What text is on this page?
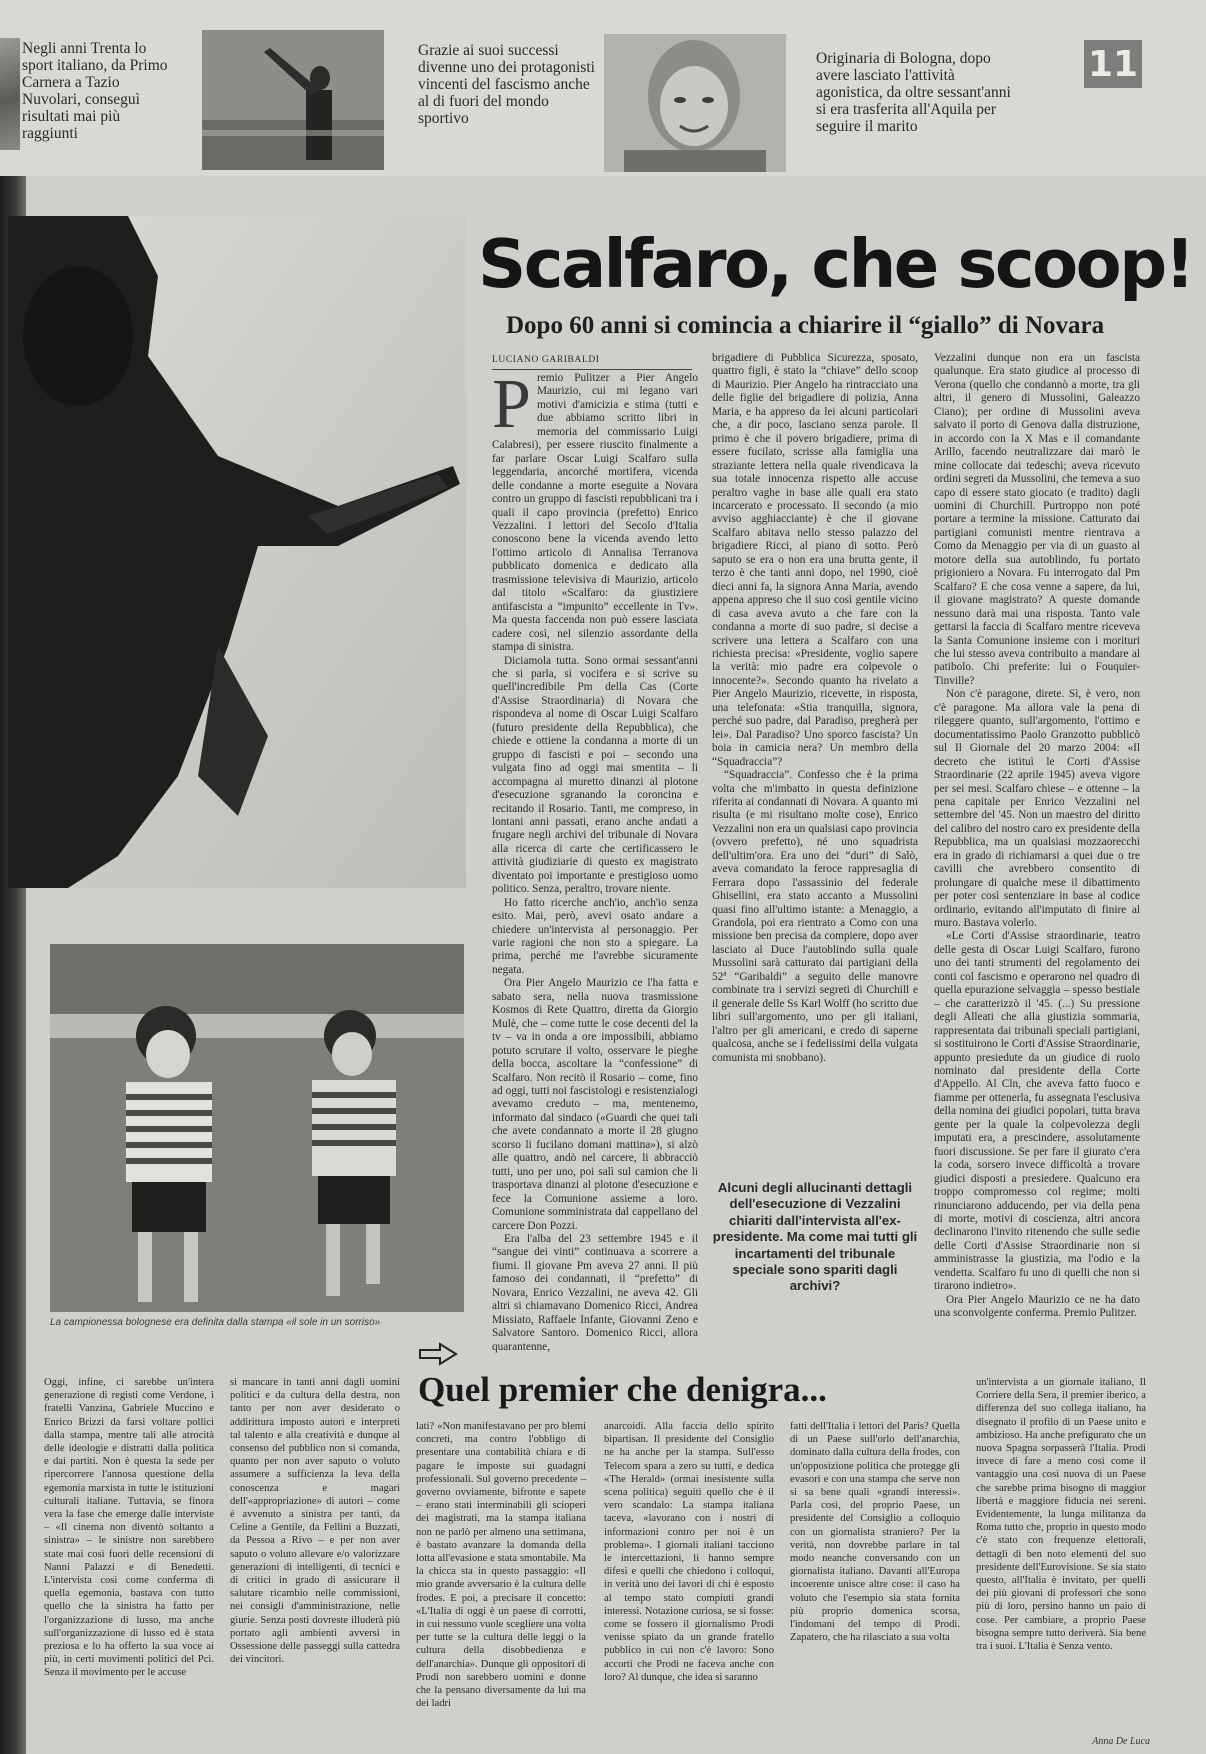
Negli anni Trenta lo sport italiano, da Primo Carnera a Tazio Nuvolari, conseguì risultati mai più raggiunti
Grazie ai suoi successi divenne uno dei protagonisti vincenti del fascismo anche al di fuori del mondo sportivo
Originaria di Bologna, dopo avere lasciato l'attività agonistica, da oltre sessant'anni si era trasferita all'Aquila per seguire il marito
11
La campionessa bolognese era definita dalla stampa «il sole in un sorriso»
Scalfaro, che scoop!
Dopo 60 anni si comincia a chiarire il “giallo” di Novara
LUCIANO GARIBALDI

Premio Pulitzer a Pier Angelo Maurizio, cui mi legano vari motivi d'amicizia e stima (tutti e due abbiamo scritto libri in memoria del commissario Luigi Calabresi), per essere riuscito finalmente a far parlare Oscar Luigi Scalfaro sulla leggendaria, ancorché mortifera, vicenda delle condanne a morte eseguite a Novara contro un gruppo di fascisti repubblicani tra i quali il capo provincia (prefetto) Enrico Vezzalini. I lettori del Secolo d'Italia conoscono bene la vicenda avendo letto l'ottimo articolo di Annalisa Terranova pubblicato domenica e dedicato alla trasmissione televisiva di Maurizio, articolo dal titolo «Scalfaro: da giustiziere antifascista a “impunito” eccellente in Tv». Ma questa faccenda non può essere lasciata cadere così, nel silenzio assordante della stampa di sinistra.

Diciamola tutta. Sono ormai sessant'anni che si parla, si vocifera e si scrive su quell'incredibile Pm della Cas (Corte d'Assise Straordinaria) di Novara che rispondeva al nome di Oscar Luigi Scalfaro (futuro presidente della Repubblica), che chiede e ottiene la condanna a morte di un gruppo di fascisti e poi – secondo una vulgata fino ad oggi mai smentita – li accompagna al muretto dinanzi al plotone d'esecuzione sgranando la coroncina e recitando il Rosario. Tanti, me compreso, in lontani anni passati, erano anche andati a frugare negli archivi del tribunale di Novara alla ricerca di carte che certificassero le attività giudiziarie di questo ex magistrato diventato poi importante e prestigioso uomo politico. Senza, peraltro, trovare niente.

Ho fatto ricerche anch'io, anch'io senza esito. Mai, però, avevi osato andare a chiedere un'intervista al personaggio. Per varie ragioni che non sto a spiegare. La prima, perché me l'avrebbe sicuramente negata.

Ora Pier Angelo Maurizio ce l'ha fatta e sabato sera, nella nuova trasmissione Kosmos di Rete Quattro, diretta da Giorgio Mulè, che – come tutte le cose decenti del la tv – va in onda a ore impossibili, abbiamo potuto scrutare il volto, osservare le pieghe della bocca, ascoltare la “confessione” di Scalfaro. Non recitò il Rosario – come, fino ad oggi, tutti noi fascistologi e resistenzialogi avevamo creduto – ma, mentenemo, informato dal sindaco («Guardi che quei tali che avete condannato a morte il 28 giugno scorso li fucilano domani mattina»), si alzò alle quattro, andò nel carcere, li abbracciò tutti, uno per uno, poi salì sul camion che li trasportava dinanzi al plotone d'esecuzione e fece la Comunione assieme a loro. Comunione somministrata dal cappellano del carcere Don Pozzi.

Era l'alba del 23 settembre 1945 e il “sangue dei vinti” continuava a scorrere a fiumi. Il giovane Pm aveva 27 anni. Il più famoso dei condannati, il “prefetto” di Novara, Enrico Vezzalini, ne aveva 42. Gli altri si chiamavano Domenico Ricci, Andrea Missiato, Raffaele Infante, Giovanni Zeno e Salvatore Santoro. Domenico Ricci, allora quarantenne,

brigadiere di Pubblica Sicurezza, sposato, quattro figli, è stato la “chiave” dello scoop di Maurizio. Pier Angelo ha rintracciato una delle figlie del brigadiere di polizia, Anna Maria, e ha appreso da lei alcuni particolari che, a dir poco, lasciano senza parole. Il primo è che il povero brigadiere, prima di essere fucilato, scrisse alla famiglia una straziante lettera nella quale rivendicava la sua totale innocenza rispetto alle accuse peraltro vaghe in base alle quali era stato incarcerato e processato. Il secondo (a mio avviso agghiacciante) è che il giovane Scalfaro abitava nello stesso palazzo del brigadiere Ricci, al piano di sotto. Però saputo se era o non era una brutta gente, il terzo è che tanti anni dopo, nel 1990, cioè dieci anni fa, la signora Anna Maria, avendo appena appreso che il suo così gentile vicino di casa aveva avuto a che fare con la condanna a morte di suo padre, si decise a scrivere una lettera a Scalfaro con una richiesta precisa: «Presidente, voglio sapere la verità: mio padre era colpevole o innocente?». Secondo quanto ha rivelato a Pier Angelo Maurizio, ricevette, in risposta, una telefonata: «Stia tranquilla, signora, perché suo padre, dal Paradiso, pregherà per lei». Dal Paradiso? Uno sporco fascista? Un boia in camicia nera? Un membro della “Squadraccia”?

“Squadraccia”. Confesso che è la prima volta che m'imbatto in questa definizione riferita ai condannati di Novara. A quanto mi risulta (e mi risultano molte cose), Enrico Vezzalini non era un qualsiasi capo provincia (ovvero prefetto), né uno squadrista dell'ultim'ora. Era uno dei “duri” di Salò, aveva comandato la feroce rappresaglia di Ferrara dopo l'assassinio del federale Ghisellini, era stato accanto a Mussolini quasi fino all'ultimo istante: a Menaggio, a Grandola, poi era rientrato a Como con una missione ben precisa da compiere, dopo aver lasciato al Duce l'autoblindo sulla quale Mussolini sarà catturato dai partigiani della 52ª “Garibaldi” a seguito delle manovre combinate tra i servizi segreti di Churchill e il generale delle Ss Karl Wolff (ho scritto due libri sull'argomento, uno per gli italiani, l'altro per gli americani, e credo di saperne qualcosa, anche se i fedelissimi della vulgata comunista mi snobbano).

Alcuni degli allucinanti dettagli dell'esecuzione di Vezzalini chiariti dall'intervista all'ex-presidente. Ma come mai tutti gli incartamenti del tribunale speciale sono spariti dagli archivi?

Vezzalini dunque non era un fascista qualunque. Era stato giudice al processo di Verona (quello che condannò a morte, tra gli altri, il genero di Mussolini, Galeazzo Ciano); per ordine di Mussolini aveva salvato il porto di Genova dalla distruzione, in accordo con la X Mas e il comandante Arillo, facendo neutralizzare dai marò le mine collocate dai tedeschi; aveva ricevuto ordini segreti da Mussolini, che temeva a suo capo di essere stato giocato (e tradito) dagli uomini di Churchill. Purtroppo non poté portare a termine la missione. Catturato dai partigiani comunisti mentre rientrava a Como da Menaggio per via di un guasto al motore della sua autoblindo, fu portato prigioniero a Novara. Fu interrogato dal Pm Scalfaro? E che cosa venne a sapere, da lui, il giovane magistrato? A queste domande nessuno darà mai una risposta. Tanto vale gettarsi la faccia di Scalfaro mentre riceveva la Santa Comunione insieme con i morituri che lui stesso aveva contribuito a mandare al patibolo. Chi preferite: lui o Fouquier-Tinville?

Non c'è paragone, direte. Sì, è vero, non c'è paragone. Ma allora vale la pena di rileggere quanto, sull'argomento, l'ottimo e documentatissimo Paolo Granzotto pubblicò sul Il Giornale del 20 marzo 2004: «Il decreto che istituì le Corti d'Assise Straordinarie (22 aprile 1945) aveva vigore per sei mesi. Scalfaro chiese – e ottenne – la pena capitale per Enrico Vezzalini nel settembre del '45. Non un maestro del diritto del calibro del nostro caro ex presidente della Repubblica, ma un qualsiasi mozzaorecchi era in grado di richiamarsi a quei due o tre cavilli che avrebbero consentito di prolungare di qualche mese il dibattimento per poter così sentenziare in base al codice ordinario, evitando all'imputato di finire al muro. Bastava volerlo.

«Le Corti d'Assise straordinarie, teatro delle gesta di Oscar Luigi Scalfaro, furono uno dei tanti strumenti del regolamento dei conti col fascismo e operarono nel quadro di quella epurazione selvaggia – spesso bestiale – che caratterizzò il '45. (...) Su pressione degli Alleati che alla giustizia sommaria, rappresentata dai tribunali speciali partigiani, si sostituirono le Corti d'Assise Straordinarie, appunto presiedute da un giudice di ruolo nominato dal presidente della Corte d'Appello. Al Cln, che aveva fatto fuoco e fiamme per ottenerla, fu assegnata l'esclusiva della nomina dei giudici popolari, tutta brava gente per la quale la colpevolezza degli imputati era, a prescindere, assolutamente fuori discussione. Se per fare il giurato c'era la coda, sorsero invece difficoltà a trovare giudici disposti a presiedere. Qualcuno era troppo compromesso col regime; molti rinunciarono adducendo, per via della pena di morte, motivi di coscienza, altri ancora declinarono l'invito ritenendo che sulle sedie delle Corti d'Assise Straordinarie non si amministrasse la giustizia, ma l'odio e la vendetta. Scalfaro fu uno di quelli che non si tirarono indietro».

Ora Pier Angelo Maurizio ce ne ha dato una sconvolgente conferma. Premio Pulitzer.

Quel premier che denigra...

Oggi, infine, ci sarebbe un'intera generazione di registi come Verdone, i fratelli Vanzina, Gabriele Muccino e Enrico Brizzi da farsi voltare pollici dalla stampa, mentre tali alle atrocità delle ideologie e distratti dalla politica e dai partiti. Non è questa la sede per ripercorrere l'annosa questione della egemonia marxista in tutte le istituzioni culturali italiane. Tuttavia, se finora vera la fase che emerge dalle interviste – «Il cinema non diventò soltanto a sinistra» – le sinistre non sarebbero state mai così fuori delle recensioni di Nanni Palazzi e di Benedetti. L'intervista così come conferma di quella egemonia, bastava con tutto quello che la sinistra ha fatto per l'organizzazione di lusso, ma anche sull'organizzazione di lusso ed è stata preziosa e lo ha offerto la sua voce ai più, in certi movimenti politici del Pci. Senza il movimento per le accuse

si mancare in tanti anni dagli uomini politici e da cultura della destra, non tanto per non aver desiderato o addirittura imposto autori e interpreti tal talento e alla creatività e dunque al consenso del pubblico non si comanda, quanto per non aver saputo o voluto assumere a sufficienza la leva della conoscenza e magari dell'«appropriazione» di autori – come è avvenuto a sinistra per tanti, da Celine a Gentile, da Fellini a Buzzati, da Pessoa a Rivo – e per non aver saputo o voluto allevare e/o valorizzare generazioni di intelligenti, di tecnici e di critici in grado di assicurare il salutare ricambio nelle commissioni, nei consigli d'amministrazione, nelle giurie. Senza posti dovreste illuderà più portato agli ambienti avversi in Ossessione delle passeggi sulla cattedra dei vincitori.

lati? «Non manifestavano per pro blemi concreti, ma contro l'obbligo di presentare una contabilità chiara e di pagare le imposte sui guadagni professionali. Sul governo precedente – governo ovviamente, bifronte e sapete – erano stati interminabili gli scioperi dei magistrati, ma la stampa italiana non ne parlò per almeno una settimana, è bastato avanzare la domanda della lotta all'evasione e stata smontabile. Ma la chicca sta in questo passaggio: «Il mio grande avversario è la cultura delle frodes. E poi, a precisare il concetto: «L'Italia di oggi è un paese di corrotti, in cui nessuno vuole scegliere una volta per tutte se la cultura delle leggi o la cultura della disobbedienza e dell'anarchia». Dunque gli oppositori di Prodi non sarebbero uomini e donne che la pensano diversamente da lui ma dei ladri

anarcoidi. Alla faccia dello spirito bipartisan. Il presidente del Consiglio ne ha anche per la stampa. Sull'esso Telecom spara a zero su tutti, e dedica «The Herald» (ormai inesistente sulla scena politica) seguiti quello che è il vero scandalo: La stampa italiana taceva, «lavorano con i nostri di informazioni contro per noi è un problema». I giornali italiani tacciono le intercettazioni, li hanno sempre difesi e quelli che chiedono i colloqui, in verità uno dei lavori di chi è esposto al tempo stato compiuti grandi interessi. Notazione curiosa, se si fosse: come se fossero il giornalismo Prodi venisse spiato da un grande fratello pubblico in cui non c'è lavoro: Sono accorti che Prodi ne faceva anche con loro? Al dunque, che idea si saranno

fatti dell'Italia i lettori del Paris? Quella di un Paese sull'orlo dell'anarchia, dominato dalla cultura della frodes, con un'opposizione politica che protegge gli evasori e con una stampa che serve non si sa bene quali «grandi interessi». Parla così, del proprio Paese, un presidente del Consiglio a colloquio con un giornalista straniero? Per la verità, non dovrebbe parlare in tal modo neanche conversando con un giornalista italiano. Davanti all'Europa incoerente unisce altre cose: il caso ha voluto che l'esempio sia stata fornita più proprio domenica scorsa, l'indomani del tempo di Prodi. Zapatero, che ha rilasciato a sua volta

un'intervista a un giornale italiano, Il Corriere della Sera, il premier iberico, a differenza del suo collega italiano, ha disegnato il profilo di un Paese unito e ambizioso. Ha anche prefigurato che un nuova Spagna sorpasserà l'Italia. Prodi invece di fare a meno così come il vantaggio una così nuova di un Paese che sarebbe prima bisogno di maggior libertà e maggiore fiducia nei sereni. Evidentemente, la lunga militanza da Roma tutto che, proprio in questo modo c'è stato con frequenze elettorali, dettagli di ben noto elementi del suo presidente dell'Eurovisione. Se sia stato questo, all'Italia è invitato, per quelli dei più giovani di professori che sono più di loro, persino hanno un paio di cose. Per cambiare, a proprio Paese bisogna sempre tutto deriverà. Sia bene tra i suoi. L'Italia è Senza vento.

Anna De Luca
